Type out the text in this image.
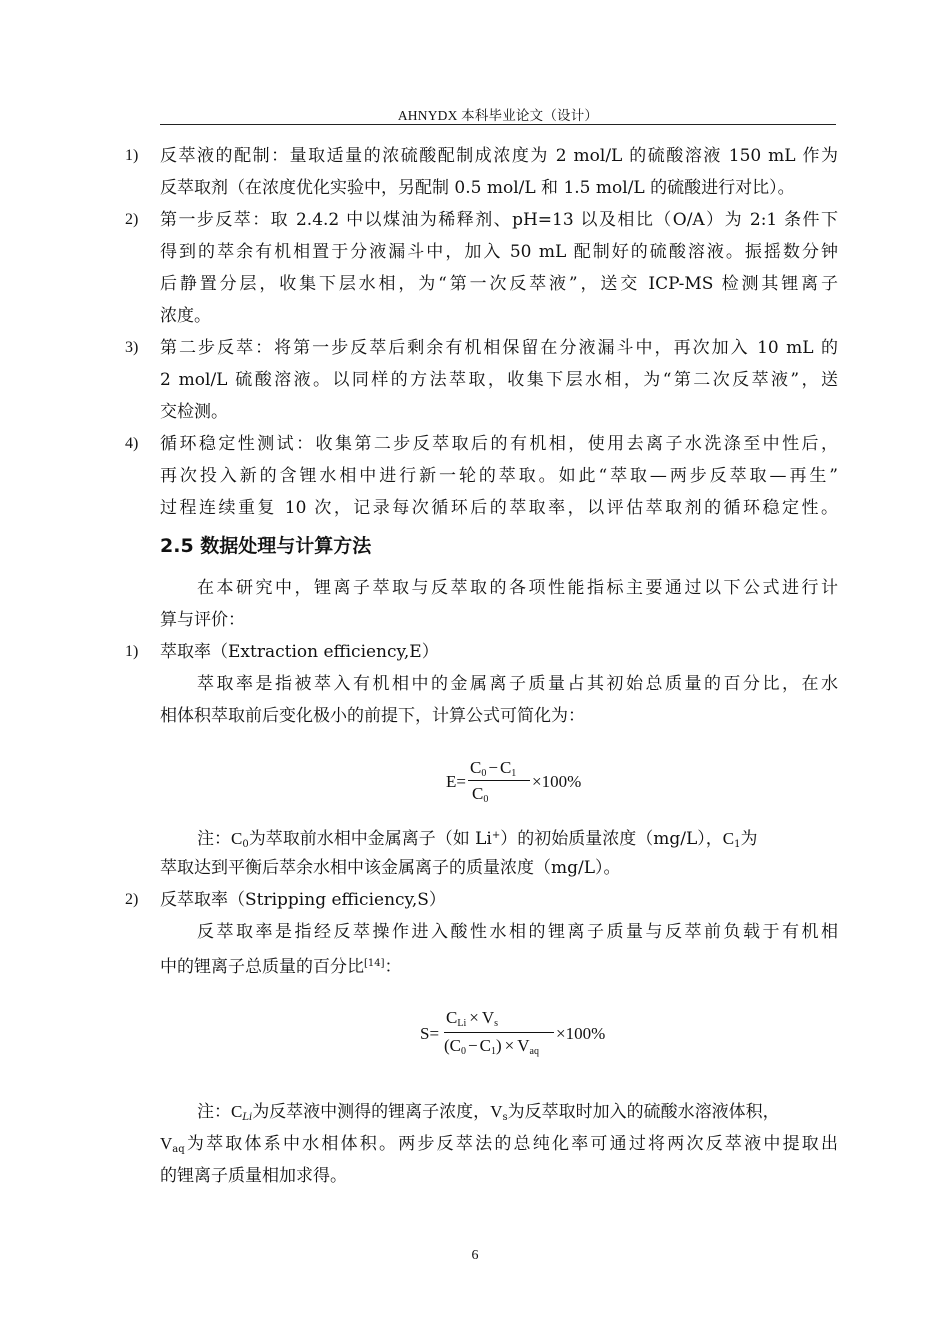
AHNYDX 本科毕业论文（设计）
1) 反萃液的配制：量取适量的浓硫酸配制成浓度为 2 mol/L 的硫酸溶液 150 mL 作为
反萃取剂（在浓度优化实验中，另配制 0.5 mol/L 和 1.5 mol/L 的硫酸进行对比）。
2) 第一步反萃：取 2.4.2 中以煤油为稀释剂、pH=13 以及相比（O/A）为 2:1 条件下
得到的萃余有机相置于分液漏斗中，加入 50 mL 配制好的硫酸溶液。振摇数分钟
后静置分层，收集下层水相，为“第一次反萃液”，送交 ICP-MS 检测其锂离子
浓度。
3) 第二步反萃：将第一步反萃后剩余有机相保留在分液漏斗中，再次加入 10 mL 的
2 mol/L 硫酸溶液。以同样的方法萃取，收集下层水相，为“第二次反萃液”，送
交检测。
4) 循环稳定性测试：收集第二步反萃取后的有机相，使用去离子水洗涤至中性后，
再次投入新的含锂水相中进行新一轮的萃取。如此“萃取—两步反萃取—再生”
过程连续重复 10 次，记录每次循环后的萃取率，以评估萃取剂的循环稳定性。
2.5 数据处理与计算方法
在本研究中，锂离子萃取与反萃取的各项性能指标主要通过以下公式进行计
算与评价：
1) 萃取率（Extraction efficiency,E）
萃取率是指被萃入有机相中的金属离子质量占其初始总质量的百分比，在水
相体积萃取前后变化极小的前提下，计算公式可简化为：
E=
$C_0 - C_1$
$C_0$
×100%
注：$C_0$为萃取前水相中金属离子（如 Li+）的初始质量浓度（mg/L），$C_1$为
萃取达到平衡后萃余水相中该金属离子的质量浓度（mg/L）。
2) 反萃取率（Stripping efficiency,S）
反萃取率是指经反萃操作进入酸性水相的锂离子质量与反萃前负载于有机相
中的锂离子总质量的百分比[14]：
S=
$C_{Li} \times V_s$
$(C_0 - C_1) \times V_{aq}$
×100%
注：$C_{Li}$为反萃液中测得的锂离子浓度，$V_s$为反萃取时加入的硫酸水溶液体积，
$V_{aq}$为萃取体系中水相体积。两步反萃法的总纯化率可通过将两次反萃液中提取出
的锂离子质量相加求得。
6
